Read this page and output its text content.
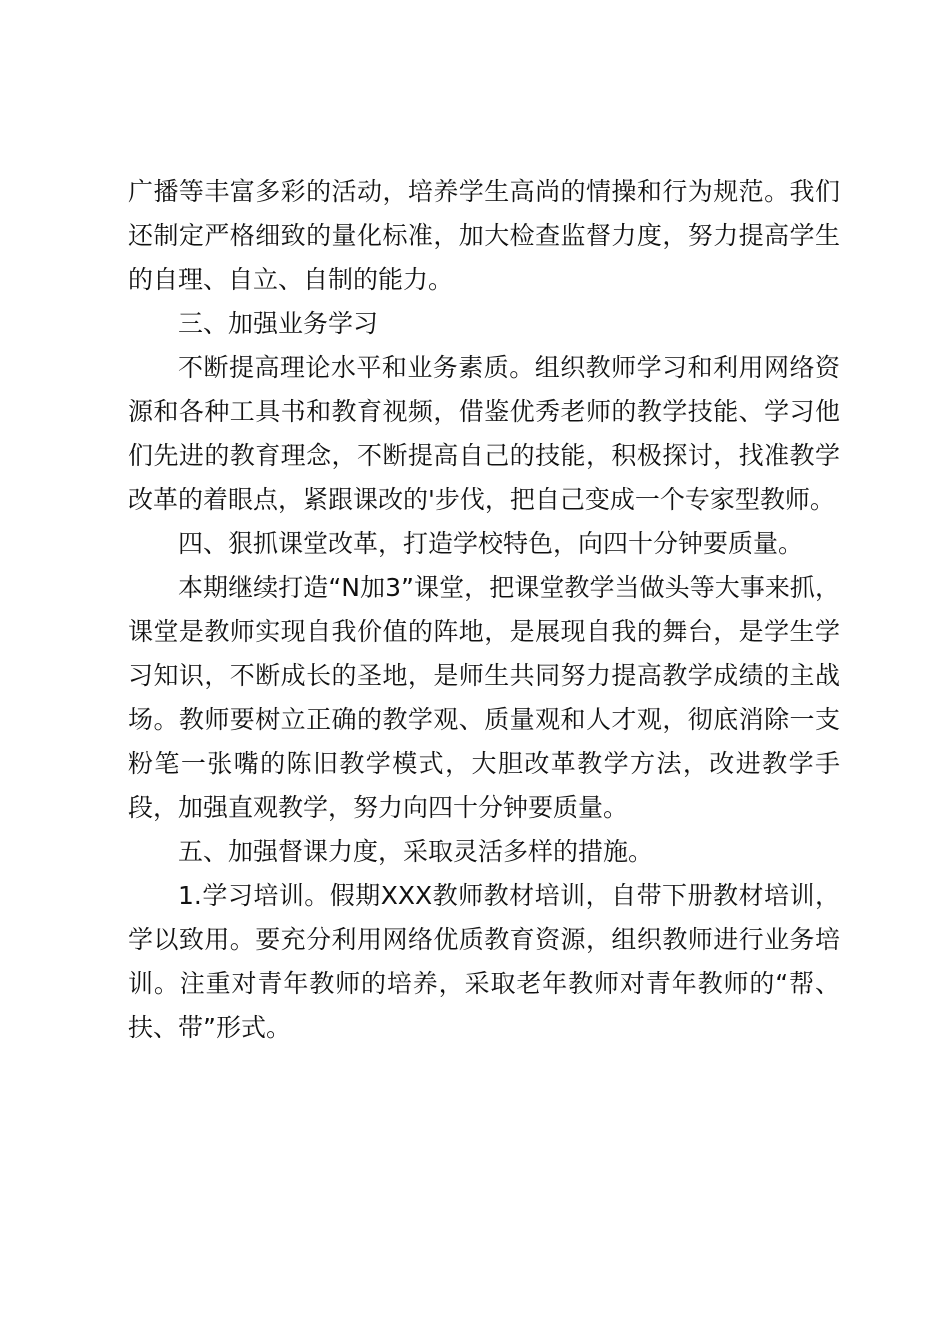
广播等丰富多彩的活动，培养学生高尚的情操和行为规范。我们还制定严格细致的量化标准，加大检查监督力度，努力提高学生的自理、自立、自制的能力。

三、加强业务学习

不断提高理论水平和业务素质。组织教师学习和利用网络资源和各种工具书和教育视频，借鉴优秀老师的教学技能、学习他们先进的教育理念，不断提高自己的技能，积极探讨，找准教学改革的着眼点，紧跟课改的'步伐，把自己变成一个专家型教师。

四、狠抓课堂改革，打造学校特色，向四十分钟要质量。

本期继续打造“N加3”课堂，把课堂教学当做头等大事来抓，课堂是教师实现自我价值的阵地，是展现自我的舞台，是学生学习知识，不断成长的圣地，是师生共同努力提高教学成绩的主战场。教师要树立正确的教学观、质量观和人才观，彻底消除一支粉笔一张嘴的陈旧教学模式，大胆改革教学方法，改进教学手段，加强直观教学，努力向四十分钟要质量。

五、加强督课力度，采取灵活多样的措施。

1.学习培训。假期XXX教师教材培训，自带下册教材培训，学以致用。要充分利用网络优质教育资源，组织教师进行业务培训。注重对青年教师的培养，采取老年教师对青年教师的“帮、扶、带”形式。
